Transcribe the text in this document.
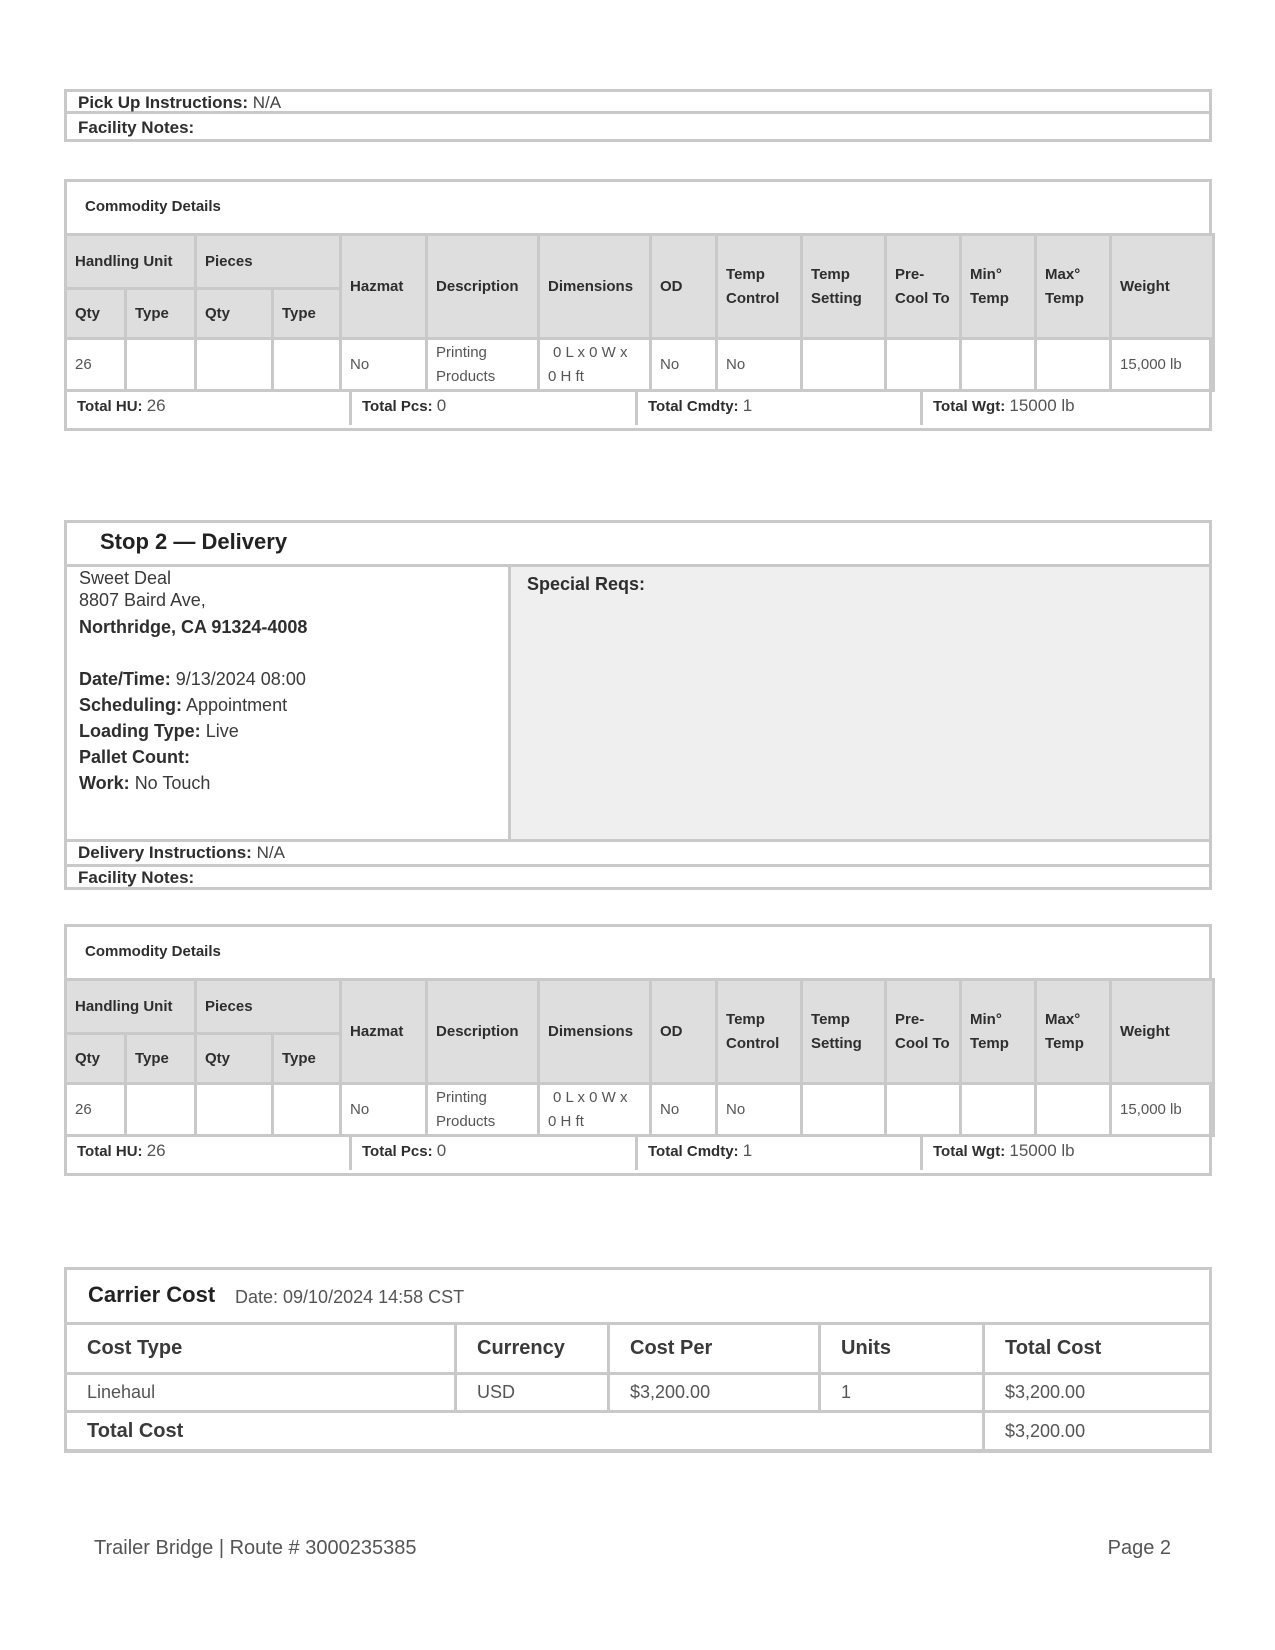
Pick Up Instructions: N/A
Facility Notes:
Commodity Details
Handling Unit		Pieces		Hazmat	Description	Dimensions	OD	Temp Control	Temp Setting	Pre-Cool To	Min° Temp	Max° Temp	Weight
Qty	Type	Qty	Type										
26				No	Printing Products	0 L x 0 W x
0 H ft	No	No					15,000 lb
Total HU: 26	Total Pcs: 0	Total Cmdty: 1	Total Wgt: 15000 lb
Stop 2 — Delivery
Sweet Deal
8807 Baird Ave,
Northridge, CA 91324-4008
Date/Time: 9/13/2024 08:00
Scheduling: Appointment
Loading Type: Live
Pallet Count:
Work: No Touch
Special Reqs:
Delivery Instructions: N/A
Facility Notes:
Commodity Details
Handling Unit		Pieces		Hazmat	Description	Dimensions	OD	Temp Control	Temp Setting	Pre-Cool To	Min° Temp	Max° Temp	Weight
Qty	Type	Qty	Type										
26				No	Printing Products	0 L x 0 W x
0 H ft	No	No					15,000 lb
Total HU: 26	Total Pcs: 0	Total Cmdty: 1	Total Wgt: 15000 lb
Carrier Cost Date: 09/10/2024 14:58 CST
Cost Type	Currency	Cost Per	Units	Total Cost
Linehaul	USD	$3,200.00	1	$3,200.00
Total Cost				$3,200.00
Trailer Bridge | Route # 3000235385	Page 2
